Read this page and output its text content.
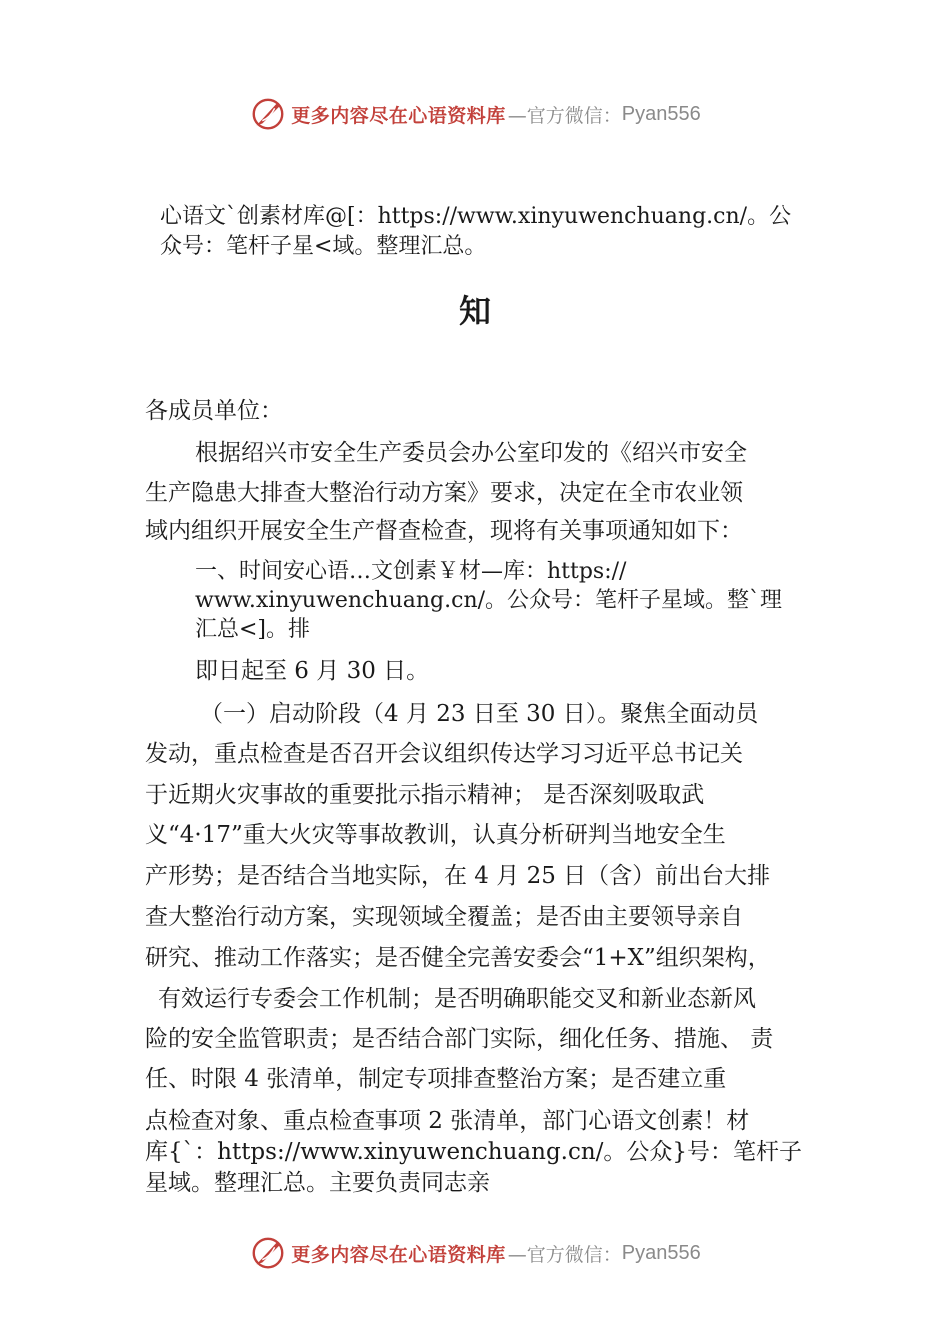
更多内容尽在心语资料库 —官方微信： Pyan556
心语文`创素材库@[：https://www.xinyuwenchuang.cn/。公
众号：笔杆子星<域。整理汇总。
知
各成员单位：
根据绍兴市安全生产委员会办公室印发的《绍兴市安全
生产隐患大排查大整治行动方案》要求，决定在全市农业领
域内组织开展安全生产督查检查，现将有关事项通知如下：
一、时间安心语…文创素￥材—库：https://
www.xinyuwenchuang.cn/。公众号：笔杆子星域。整`理
汇总<]。排
即日起至 6 月 30 日。
（一）启动阶段（4 月 23 日至 30 日）。聚焦全面动员
发动，重点检查是否召开会议组织传达学习习近平总书记关
于近期火灾事故的重要批示指示精神； 是否深刻吸取武
义“4·17”重大火灾等事故教训，认真分析研判当地安全生
产形势；是否结合当地实际，在 4 月 25 日（含）前出台大排
查大整治行动方案，实现领域全覆盖；是否由主要领导亲自
研究、推动工作落实；是否健全完善安委会“1+X”组织架构，
有效运行专委会工作机制；是否明确职能交叉和新业态新风
险的安全监管职责；是否结合部门实际，细化任务、措施、 责
任、时限 4 张清单，制定专项排查整治方案；是否建立重
点检查对象、重点检查事项 2 张清单，部门心语文创素！材
库{`：https://www.xinyuwenchuang.cn/。公众}号：笔杆子
星域。整理汇总。主要负责同志亲
更多内容尽在心语资料库 —官方微信： Pyan556
